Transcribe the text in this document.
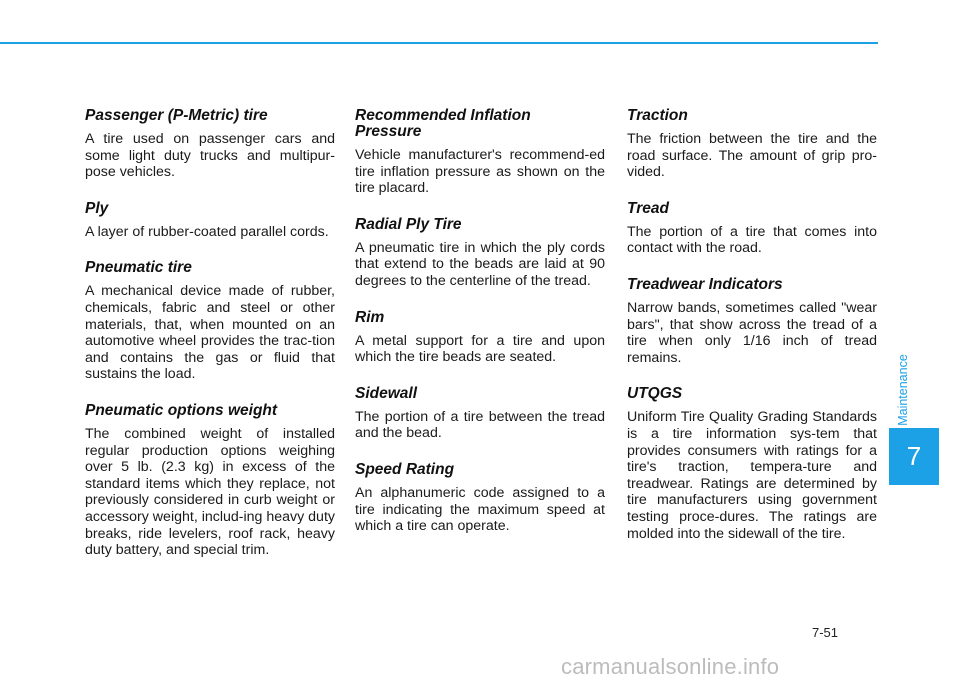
Passenger (P-Metric) tire

A tire used on passenger cars and some light duty trucks and multipur-pose vehicles.

Ply

A layer of rubber-coated parallel cords.

Pneumatic tire

A mechanical device made of rubber, chemicals, fabric and steel or other materials, that, when mounted on an automotive wheel provides the trac-tion and contains the gas or fluid that sustains the load.

Pneumatic options weight

The combined weight of installed regular production options weighing over 5 lb. (2.3 kg) in excess of the standard items which they replace, not previously considered in curb weight or accessory weight, includ-ing heavy duty breaks, ride levelers, roof rack, heavy duty battery, and special trim.

Recommended Inflation Pressure

Vehicle manufacturer's recommend-ed tire inflation pressure as shown on the tire placard.

Radial Ply Tire

A pneumatic tire in which the ply cords that extend to the beads are laid at 90 degrees to the centerline of the tread.

Rim

A metal support for a tire and upon which the tire beads are seated.

Sidewall

The portion of a tire between the tread and the bead.

Speed Rating

An alphanumeric code assigned to a tire indicating the maximum speed at which a tire can operate.

Traction

The friction between the tire and the road surface. The amount of grip pro-vided.

Tread

The portion of a tire that comes into contact with the road.

Treadwear Indicators

Narrow bands, sometimes called "wear bars", that show across the tread of a tire when only 1/16 inch of tread remains.

UTQGS

Uniform Tire Quality Grading Standards is a tire information sys-tem that provides consumers with ratings for a tire's traction, tempera-ture and treadwear. Ratings are determined by tire manufacturers using government testing proce-dures. The ratings are molded into the sidewall of the tire.

Maintenance
7
7-51
carmanualsonline.info
